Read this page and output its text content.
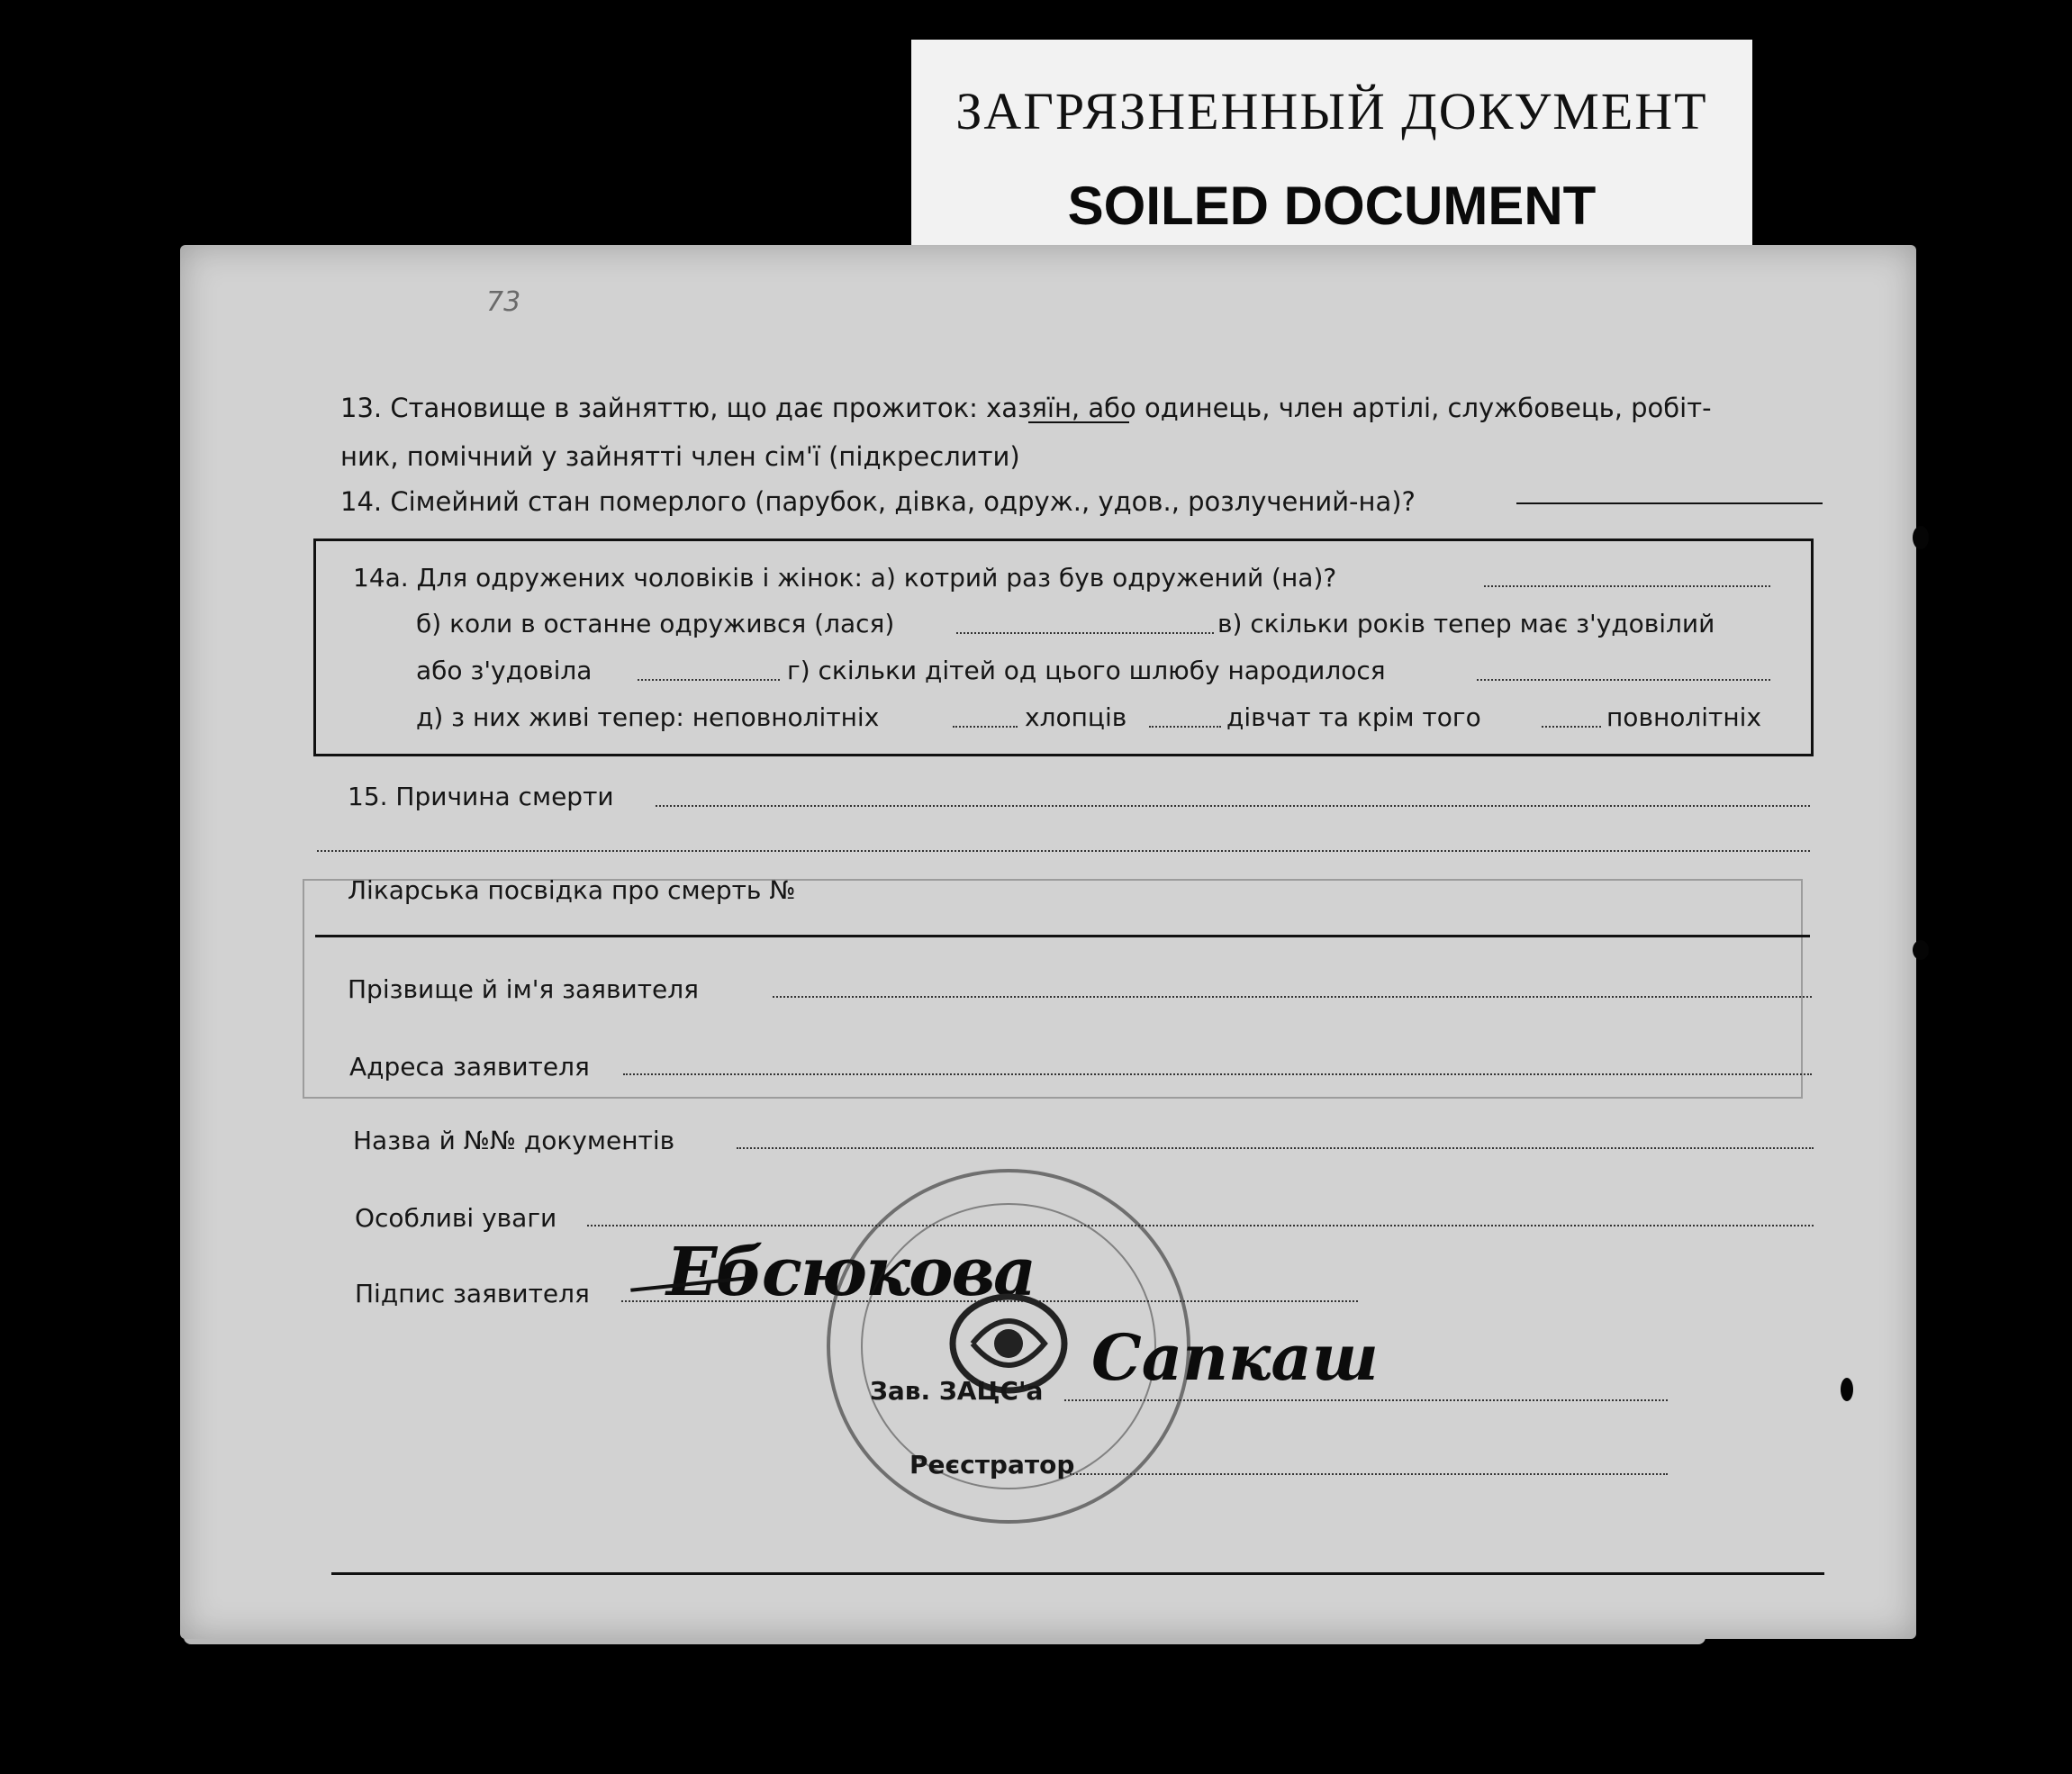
ЗАГРЯЗНЕННЫЙ ДОКУМЕНТ
SOILED DOCUMENT
73
13. Становище в зайняттю, що дає прожиток: хазяїн, або одинець, член артілі, службовець, робіт-
ник, помічний у зайнятті член сім'ї (підкреслити)
14. Сімейний стан померлого (парубок, дівка, одруж., удов., розлучений-на)?
14а. Для одружених чоловіків і жінок: а) котрий раз був одружений (на)?
б) коли в останне одружився (лася)	в) скільки років тепер має з'удовілий
або з'удовіла	г) скільки дітей од цього шлюбу народилося
д) з них живі тепер: неповнолітніх	хлопців	дівчат та крім того	повнолітніх
15. Причина смерти
Лікарська посвідка про смерть №
Прізвище й ім'я заявителя
Адреса заявителя
Назва й №№ документів
Особливі уваги
Підпис заявителя Ебсюкова
Зав. ЗАЦС'а Сапкаш
Реєстратор
